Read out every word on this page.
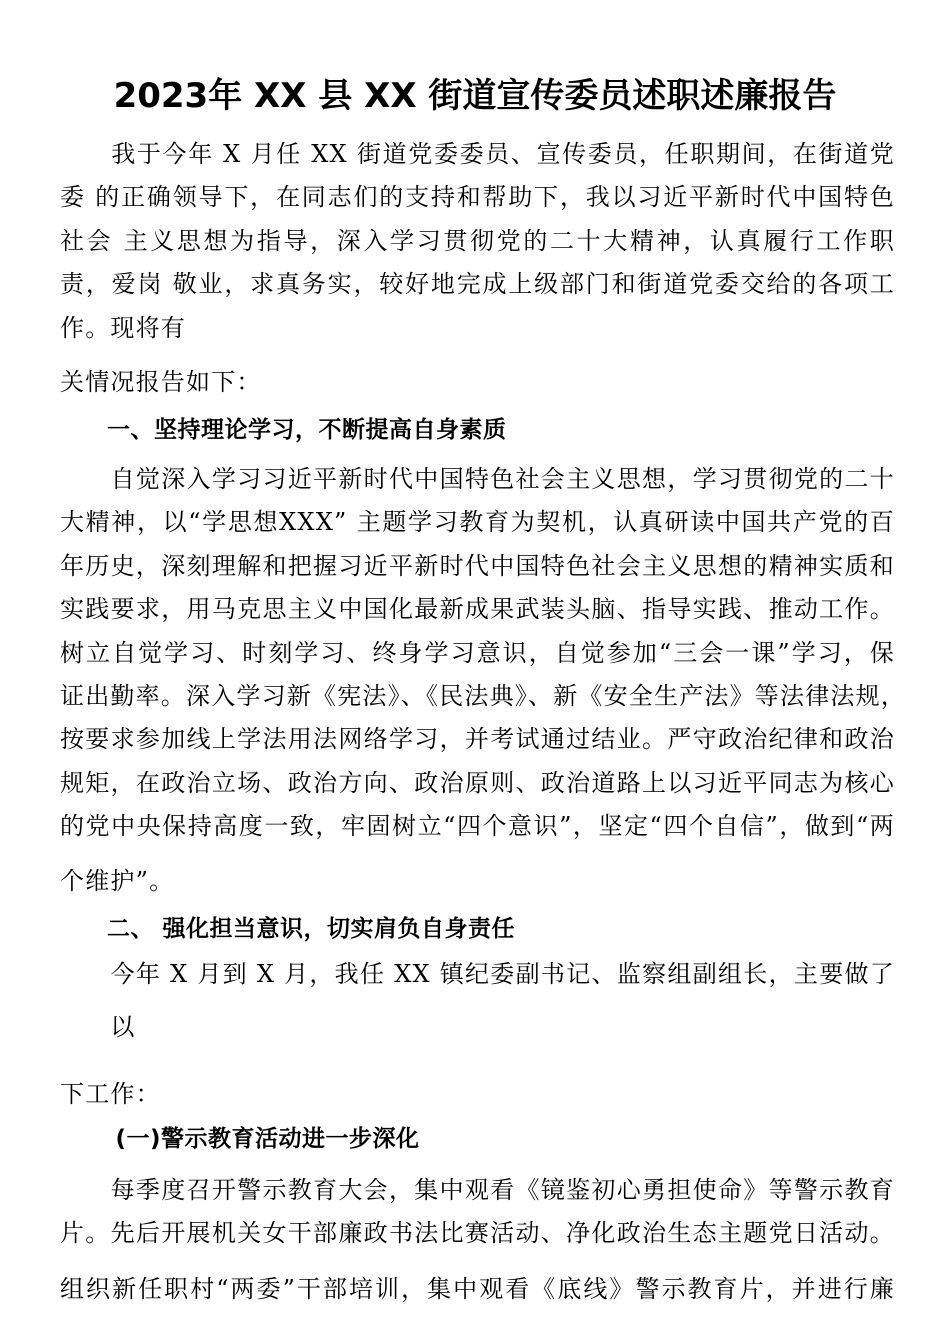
2023年 XX 县 XX 街道宣传委员述职述廉报告
　　我于今年 X 月任 XX 街道党委委员、宣传委员，任职期间，在街道党
委 的正确领导下，在同志们的支持和帮助下，我以习近平新时代中国特色
社会 主义思想为指导，深入学习贯彻党的二十大精神，认真履行工作职
责，爱岗 敬业，求真务实，较好地完成上级部门和街道党委交给的各项工
作。现将有
关情况报告如下：
　　一、坚持理论学习，不断提高自身素质
　　自觉深入学习习近平新时代中国特色社会主义思想，学习贯彻党的二十
大精神，以“学思想XXX” 主题学习教育为契机，认真研读中国共产党的百
年历史，深刻理解和把握习近平新时代中国特色社会主义思想的精神实质和
实践要求，用马克思主义中国化最新成果武装头脑、指导实践、推动工作。
树立自觉学习、时刻学习、终身学习意识，自觉参加“三会一课”学习，保
证出勤率。深入学习新《宪法》、《民法典》、新《安全生产法》等法律法规，
按要求参加线上学法用法网络学习，并考试通过结业。严守政治纪律和政治
规矩，在政治立场、政治方向、政治原则、政治道路上以习近平同志为核心
的党中央保持高度一致，牢固树立“四个意识”，坚定“四个自信”，做到“两
个维护”。
　　二、 强化担当意识，切实肩负自身责任
　　今年 X 月到 X 月，我任 XX 镇纪委副书记、监察组副组长，主要做了
　　以
下工作：
　　 (一)警示教育活动进一步深化
　　每季度召开警示教育大会，集中观看《镜鉴初心勇担使命》等警示教育
片。先后开展机关女干部廉政书法比赛活动、净化政治生态主题党日活动。
组织新任职村“两委”干部培训，集中观看《底线》警示教育片，并进行廉
